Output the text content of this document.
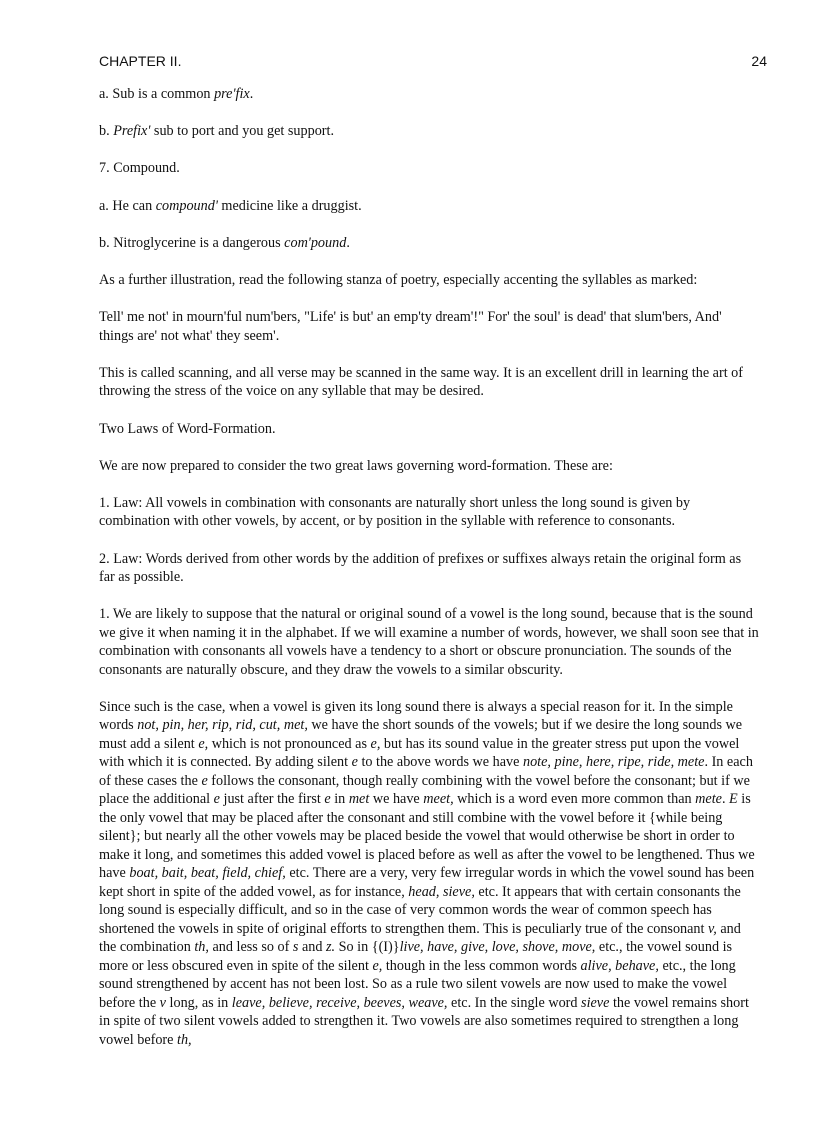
CHAPTER II.	24

a. Sub is a common pre'fix.

b. Prefix' sub to port and you get support.

7. Compound.

a. He can compound' medicine like a druggist.

b. Nitroglycerine is a dangerous com'pound.

As a further illustration, read the following stanza of poetry, especially accenting the syllables as marked:

Tell' me not' in mourn'ful num'bers, "Life' is but' an emp'ty dream'!" For' the soul' is dead' that slum'bers, And' things are' not what' they seem'.

This is called scanning, and all verse may be scanned in the same way. It is an excellent drill in learning the art of throwing the stress of the voice on any syllable that may be desired.

Two Laws of Word-Formation.

We are now prepared to consider the two great laws governing word-formation. These are:

1. Law: All vowels in combination with consonants are naturally short unless the long sound is given by combination with other vowels, by accent, or by position in the syllable with reference to consonants.

2. Law: Words derived from other words by the addition of prefixes or suffixes always retain the original form as far as possible.

1. We are likely to suppose that the natural or original sound of a vowel is the long sound, because that is the sound we give it when naming it in the alphabet. If we will examine a number of words, however, we shall soon see that in combination with consonants all vowels have a tendency to a short or obscure pronunciation. The sounds of the consonants are naturally obscure, and they draw the vowels to a similar obscurity.

Since such is the case, when a vowel is given its long sound there is always a special reason for it. In the simple words not, pin, her, rip, rid, cut, met, we have the short sounds of the vowels; but if we desire the long sounds we must add a silent e, which is not pronounced as e, but has its sound value in the greater stress put upon the vowel with which it is connected. By adding silent e to the above words we have note, pine, here, ripe, ride, mete. In each of these cases the e follows the consonant, though really combining with the vowel before the consonant; but if we place the additional e just after the first e in met we have meet, which is a word even more common than mete. E is the only vowel that may be placed after the consonant and still combine with the vowel before it {while being silent}; but nearly all the other vowels may be placed beside the vowel that would otherwise be short in order to make it long, and sometimes this added vowel is placed before as well as after the vowel to be lengthened. Thus we have boat, bait, beat, field, chief, etc. There are a very, very few irregular words in which the vowel sound has been kept short in spite of the added vowel, as for instance, head, sieve, etc. It appears that with certain consonants the long sound is especially difficult, and so in the case of very common words the wear of common speech has shortened the vowels in spite of original efforts to strengthen them. This is peculiarly true of the consonant v, and the combination th, and less so of s and z. So in {(I)}live, have, give, love, shove, move, etc., the vowel sound is more or less obscured even in spite of the silent e, though in the less common words alive, behave, etc., the long sound strengthened by accent has not been lost. So as a rule two silent vowels are now used to make the vowel before the v long, as in leave, believe, receive, beeves, weave, etc. In the single word sieve the vowel remains short in spite of two silent vowels added to strengthen it. Two vowels are also sometimes required to strengthen a long vowel before th,
